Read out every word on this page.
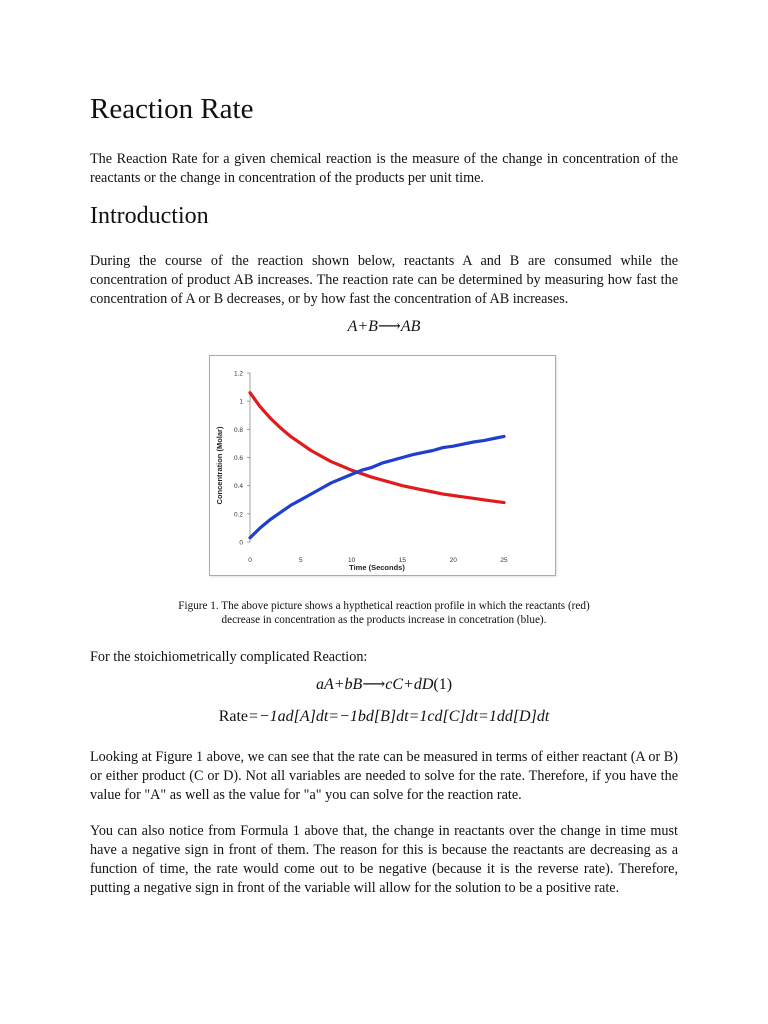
Reaction Rate

The Reaction Rate for a given chemical reaction is the measure of the change in concentration of the reactants or the change in concentration of the products per unit time.

Introduction

During the course of the reaction shown below, reactants A and B are consumed while the concentration of product AB increases. The reaction rate can be determined by measuring how fast the concentration of A or B decreases, or by how fast the concentration of AB increases.

A+B⟶AB
0
0.2
0.4
0.6
0.8
1
1.2
0	5	10	15	20	25
Time (Seconds)
Concentration (Molar)
Figure 1. The above picture shows a hypthetical reaction profile in which the reactants (red)
decrease in concentration as the products increase in concetration (blue).

For the stoichiometrically complicated Reaction:

aA+bB⟶cC+dD(1)
Rate=−1ad[A]dt=−1bd[B]dt=1cd[C]dt=1dd[D]dt

Looking at Figure 1 above, we can see that the rate can be measured in terms of either reactant (A or B) or either product (C or D). Not all variables are needed to solve for the rate. Therefore, if you have the value for "A" as well as the value for "a" you can solve for the reaction rate.

You can also notice from Formula 1 above that, the change in reactants over the change in time must have a negative sign in front of them. The reason for this is because the reactants are decreasing as a function of time, the rate would come out to be negative (because it is the reverse rate). Therefore, putting a negative sign in front of the variable will allow for the solution to be a positive rate.
